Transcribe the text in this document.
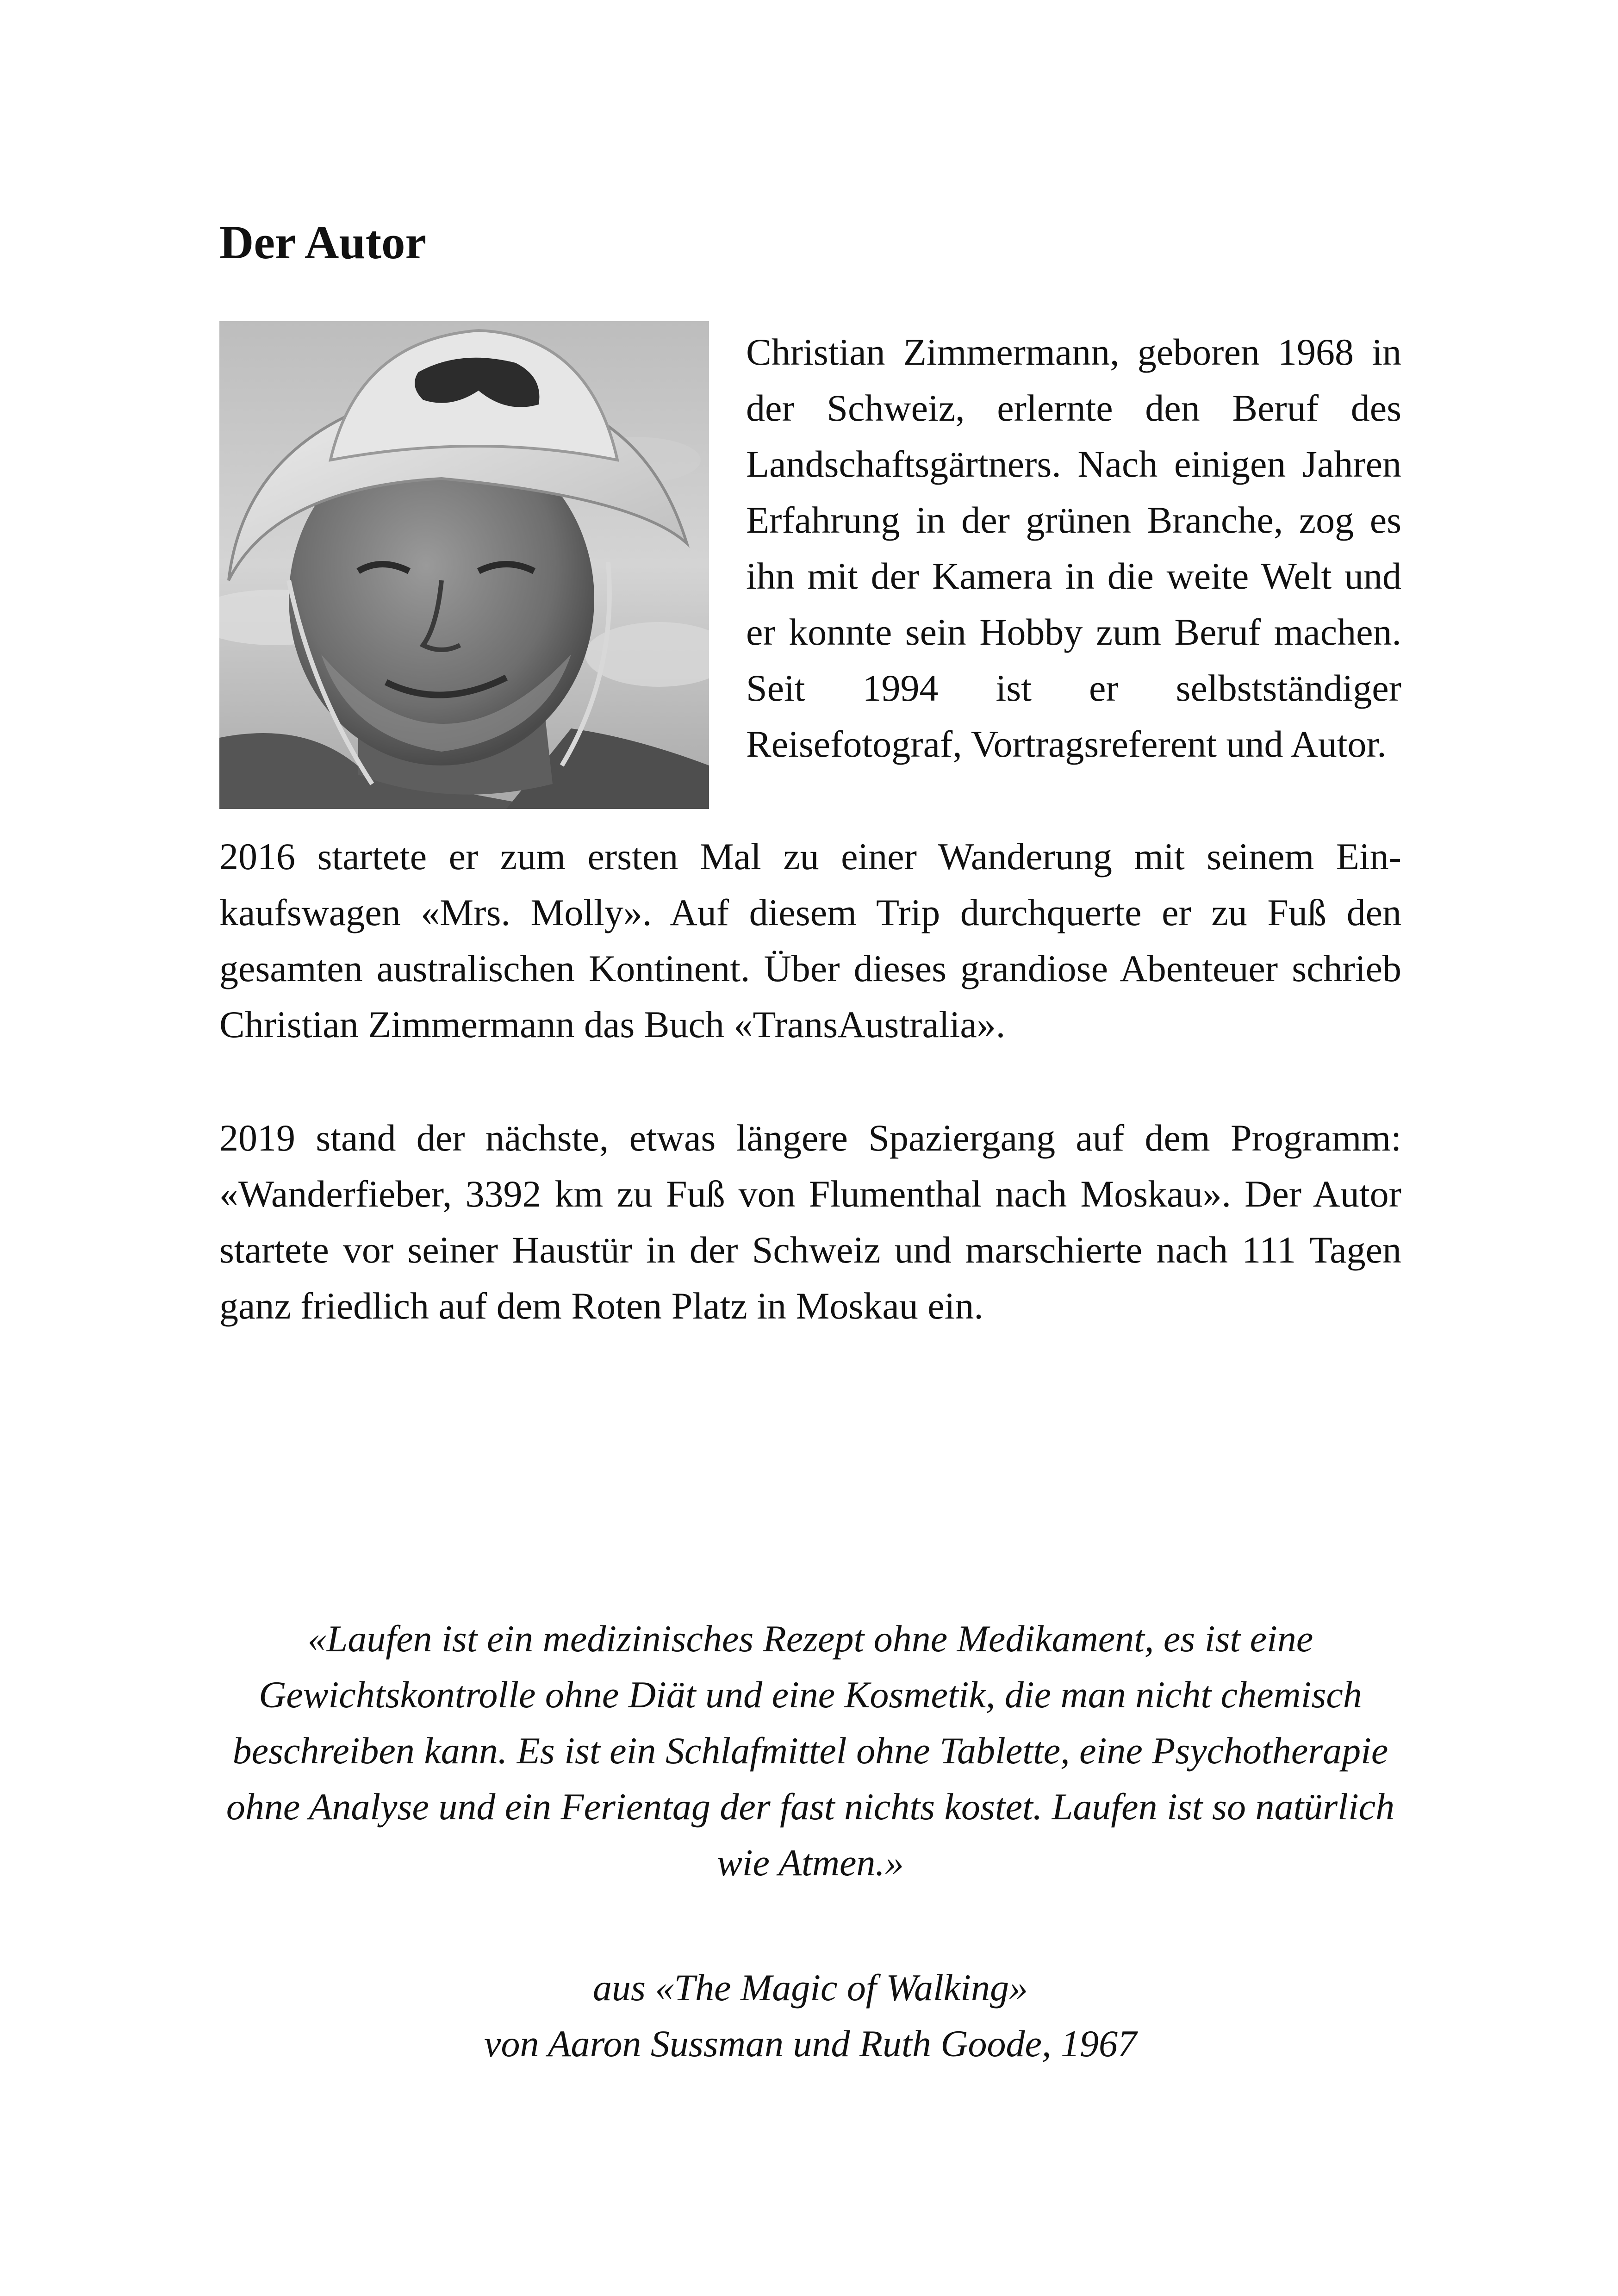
Der Autor

Christian Zimmermann, geboren 1968 in der Schweiz, erlernte den Beruf des Landschaftsgärtners. Nach einigen Jahren Erfahrung in der grünen Branche, zog es ihn mit der Kamera in die weite Welt und er konnte sein Hobby zum Beruf machen. Seit 1994 ist er selbstständiger Reisefotograf, Vortragsreferent und Autor.

2016 startete er zum ersten Mal zu einer Wanderung mit seinem Einkaufswagen «Mrs. Molly». Auf diesem Trip durchquerte er zu Fuß den gesamten australischen Kontinent. Über dieses grandiose Abenteuer schrieb Christian Zimmermann das Buch «TransAustralia».

2019 stand der nächste, etwas längere Spaziergang auf dem Programm: «Wanderfieber, 3392 km zu Fuß von Flumenthal nach Moskau». Der Autor startete vor seiner Haustür in der Schweiz und marschierte nach 111 Tagen ganz friedlich auf dem Roten Platz in Moskau ein.

«Laufen ist ein medizinisches Rezept ohne Medikament, es ist eine Gewichtskontrolle ohne Diät und eine Kosmetik, die man nicht chemisch beschreiben kann. Es ist ein Schlafmittel ohne Tablette, eine Psychotherapie ohne Analyse und ein Ferientag der fast nichts kostet. Laufen ist so natürlich wie Atmen.»

aus «The Magic of Walking»
von Aaron Sussman und Ruth Goode, 1967
